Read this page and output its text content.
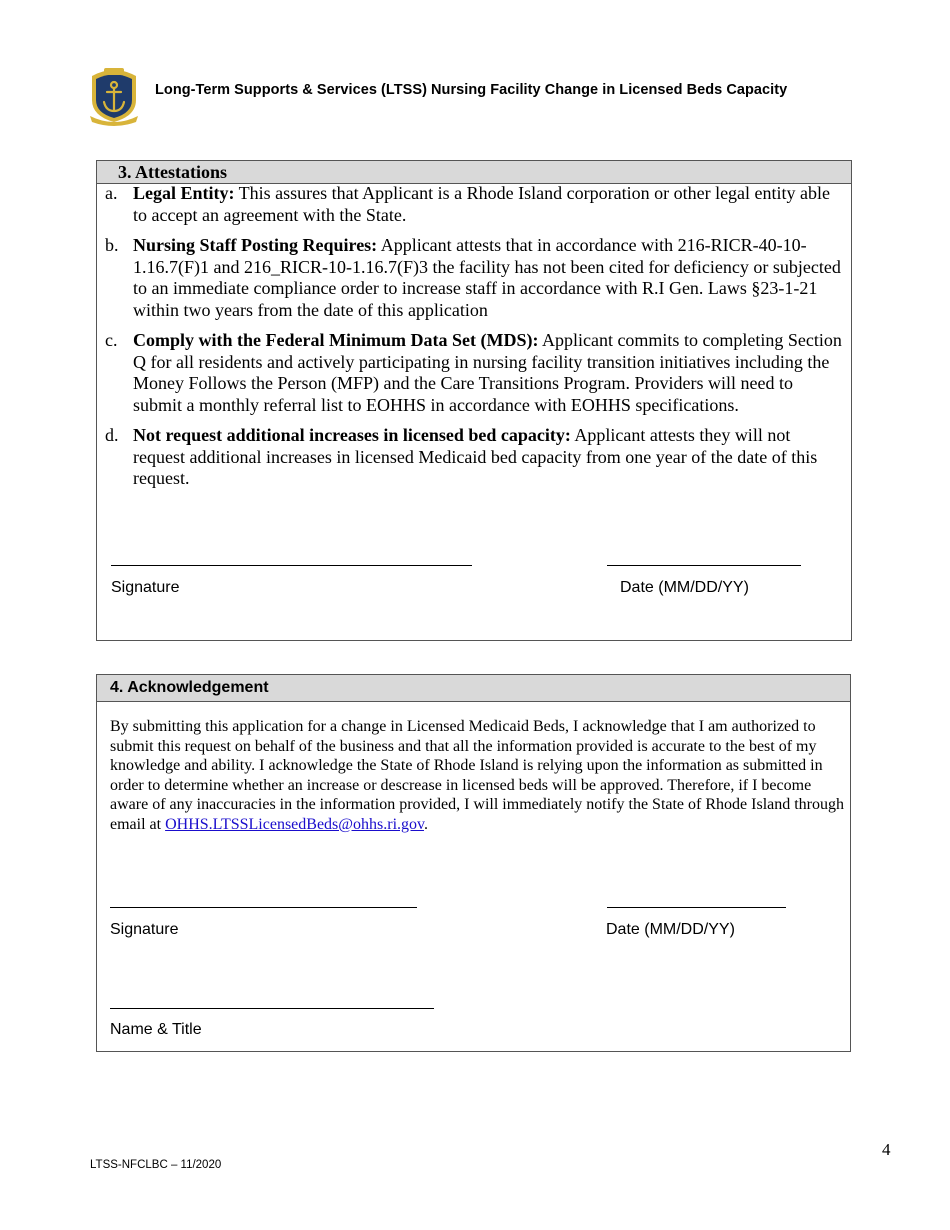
Long-Term Supports & Services (LTSS) Nursing Facility Change in Licensed Beds Capacity
3. Attestations
a. Legal Entity: This assures that Applicant is a Rhode Island corporation or other legal entity able to accept an agreement with the State.
b. Nursing Staff Posting Requires: Applicant attests that in accordance with 216-RICR-40-10-1.16.7(F)1 and 216_RICR-10-1.16.7(F)3 the facility has not been cited for deficiency or subjected to an immediate compliance order to increase staff in accordance with R.I Gen. Laws §23-1-21 within two years from the date of this application
c. Comply with the Federal Minimum Data Set (MDS): Applicant commits to completing Section Q for all residents and actively participating in nursing facility transition initiatives including the Money Follows the Person (MFP) and the Care Transitions Program. Providers will need to submit a monthly referral list to EOHHS in accordance with EOHHS specifications.
d. Not request additional increases in licensed bed capacity: Applicant attests they will not request additional increases in licensed Medicaid bed capacity from one year of the date of this request.
Signature	Date (MM/DD/YY)
4. Acknowledgement
By submitting this application for a change in Licensed Medicaid Beds, I acknowledge that I am authorized to submit this request on behalf of the business and that all the information provided is accurate to the best of my knowledge and ability. I acknowledge the State of Rhode Island is relying upon the information as submitted in order to determine whether an increase or descrease in licensed beds will be approved. Therefore, if I become aware of any inaccuracies in the information provided, I will immediately notify the State of Rhode Island through email at OHHS.LTSSLicensedBeds@ohhs.ri.gov.
Signature	Date (MM/DD/YY)
Name & Title
4
LTSS-NFCLBC – 11/2020
